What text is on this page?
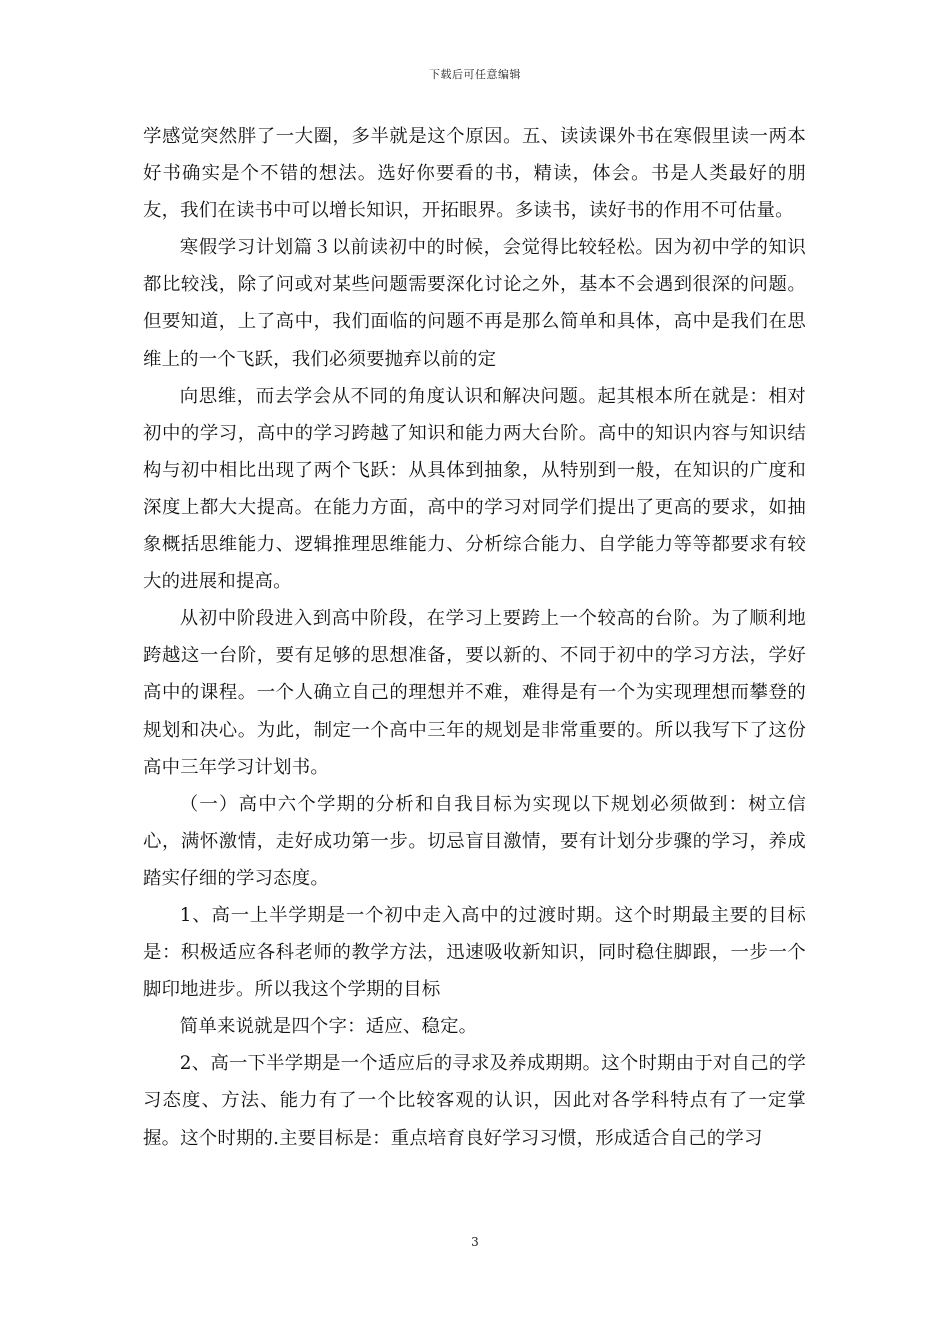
下载后可任意编辑

学感觉突然胖了一大圈，多半就是这个原因。五、读读课外书在寒假里读一两本好书确实是个不错的想法。选好你要看的书，精读，体会。书是人类最好的朋友，我们在读书中可以增长知识，开拓眼界。多读书，读好书的作用不可估量。

寒假学习计划篇３以前读初中的时候，会觉得比较轻松。因为初中学的知识都比较浅，除了问或对某些问题需要深化讨论之外，基本不会遇到很深的问题。但要知道，上了高中，我们面临的问题不再是那么简单和具体，高中是我们在思维上的一个飞跃，我们必须要抛弃以前的定

向思维，而去学会从不同的角度认识和解决问题。起其根本所在就是：相对初中的学习，高中的学习跨越了知识和能力两大台阶。高中的知识内容与知识结构与初中相比出现了两个飞跃：从具体到抽象，从特别到一般，在知识的广度和深度上都大大提高。在能力方面，高中的学习对同学们提出了更高的要求，如抽象概括思维能力、逻辑推理思维能力、分析综合能力、自学能力等等都要求有较大的进展和提高。

从初中阶段进入到高中阶段，在学习上要跨上一个较高的台阶。为了顺利地跨越这一台阶，要有足够的思想准备，要以新的、不同于初中的学习方法，学好高中的课程。一个人确立自己的理想并不难，难得是有一个为实现理想而攀登的规划和决心。为此，制定一个高中三年的规划是非常重要的。所以我写下了这份高中三年学习计划书。

（一）高中六个学期的分析和自我目标为实现以下规划必须做到：树立信心，满怀激情，走好成功第一步。切忌盲目激情，要有计划分步骤的学习，养成踏实仔细的学习态度。

1、高一上半学期是一个初中走入高中的过渡时期。这个时期最主要的目标是：积极适应各科老师的教学方法，迅速吸收新知识，同时稳住脚跟，一步一个脚印地进步。所以我这个学期的目标

简单来说就是四个字：适应、稳定。

2、高一下半学期是一个适应后的寻求及养成期期。这个时期由于对自己的学习态度、方法、能力有了一个比较客观的认识，因此对各学科特点有了一定掌握。这个时期的.主要目标是：重点培育良好学习习惯，形成适合自己的学习

3
